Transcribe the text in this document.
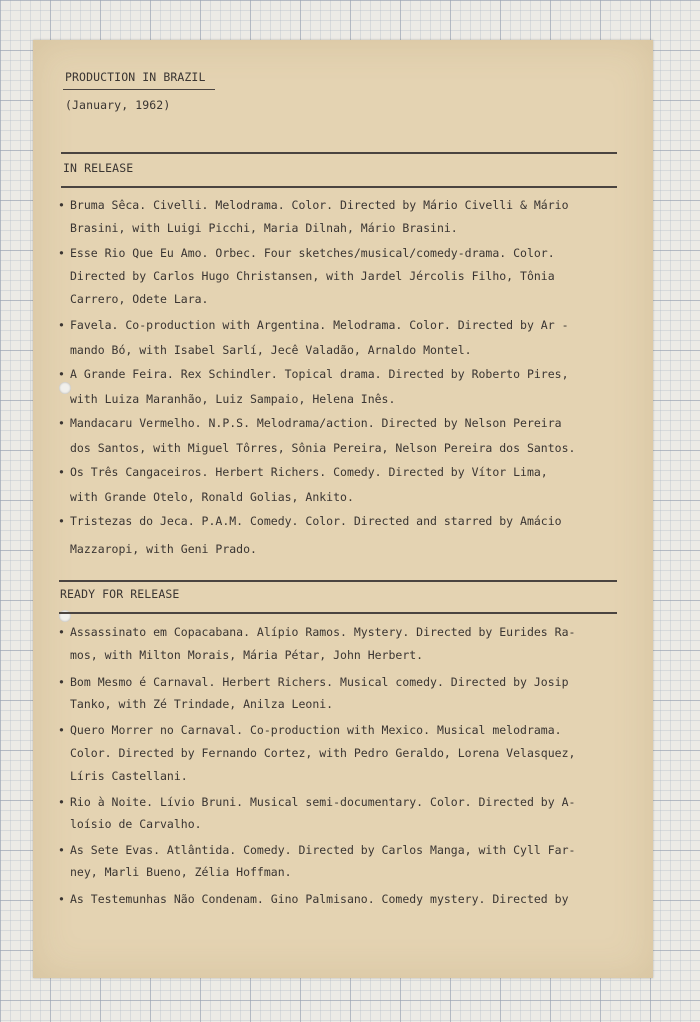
PRODUCTION IN BRAZIL
(January, 1962)
IN RELEASE
• Bruma Sêca. Civelli. Melodrama. Color. Directed by Mário Civelli & Mário
Brasini, with Luigi Picchi, Maria Dilnah, Mário Brasini.
• Esse Rio Que Eu Amo. Orbec. Four sketches/musical/comedy-drama. Color.
Directed by Carlos Hugo Christansen, with Jardel Jércolis Filho, Tônia
Carrero, Odete Lara.
• Favela. Co-production with Argentina. Melodrama. Color. Directed by Ar -
mando Bó, with Isabel Sarlí, Jecê Valadão, Arnaldo Montel.
• A Grande Feira. Rex Schindler. Topical drama. Directed by Roberto Pires,
with Luiza Maranhão, Luiz Sampaio, Helena Inês.
• Mandacaru Vermelho. N.P.S. Melodrama/action. Directed by Nelson Pereira
dos Santos, with Miguel Tôrres, Sônia Pereira, Nelson Pereira dos Santos.
• Os Três Cangaceiros. Herbert Richers. Comedy. Directed by Vítor Lima,
with Grande Otelo, Ronald Golias, Ankito.
• Tristezas do Jeca. P.A.M. Comedy. Color. Directed and starred by Amácio
Mazzaropi, with Geni Prado.
READY FOR RELEASE
• Assassinato em Copacabana. Alípio Ramos. Mystery. Directed by Eurides Ra-
mos, with Milton Morais, Mária Pétar, John Herbert.
• Bom Mesmo é Carnaval. Herbert Richers. Musical comedy. Directed by Josip
Tanko, with Zé Trindade, Anilza Leoni.
• Quero Morrer no Carnaval. Co-production with Mexico. Musical melodrama.
Color. Directed by Fernando Cortez, with Pedro Geraldo, Lorena Velasquez,
Líris Castellani.
• Rio à Noite. Lívio Bruni. Musical semi-documentary. Color. Directed by A-
loísio de Carvalho.
• As Sete Evas. Atlântida. Comedy. Directed by Carlos Manga, with Cyll Far-
ney, Marli Bueno, Zélia Hoffman.
• As Testemunhas Não Condenam. Gino Palmisano. Comedy mystery. Directed by
